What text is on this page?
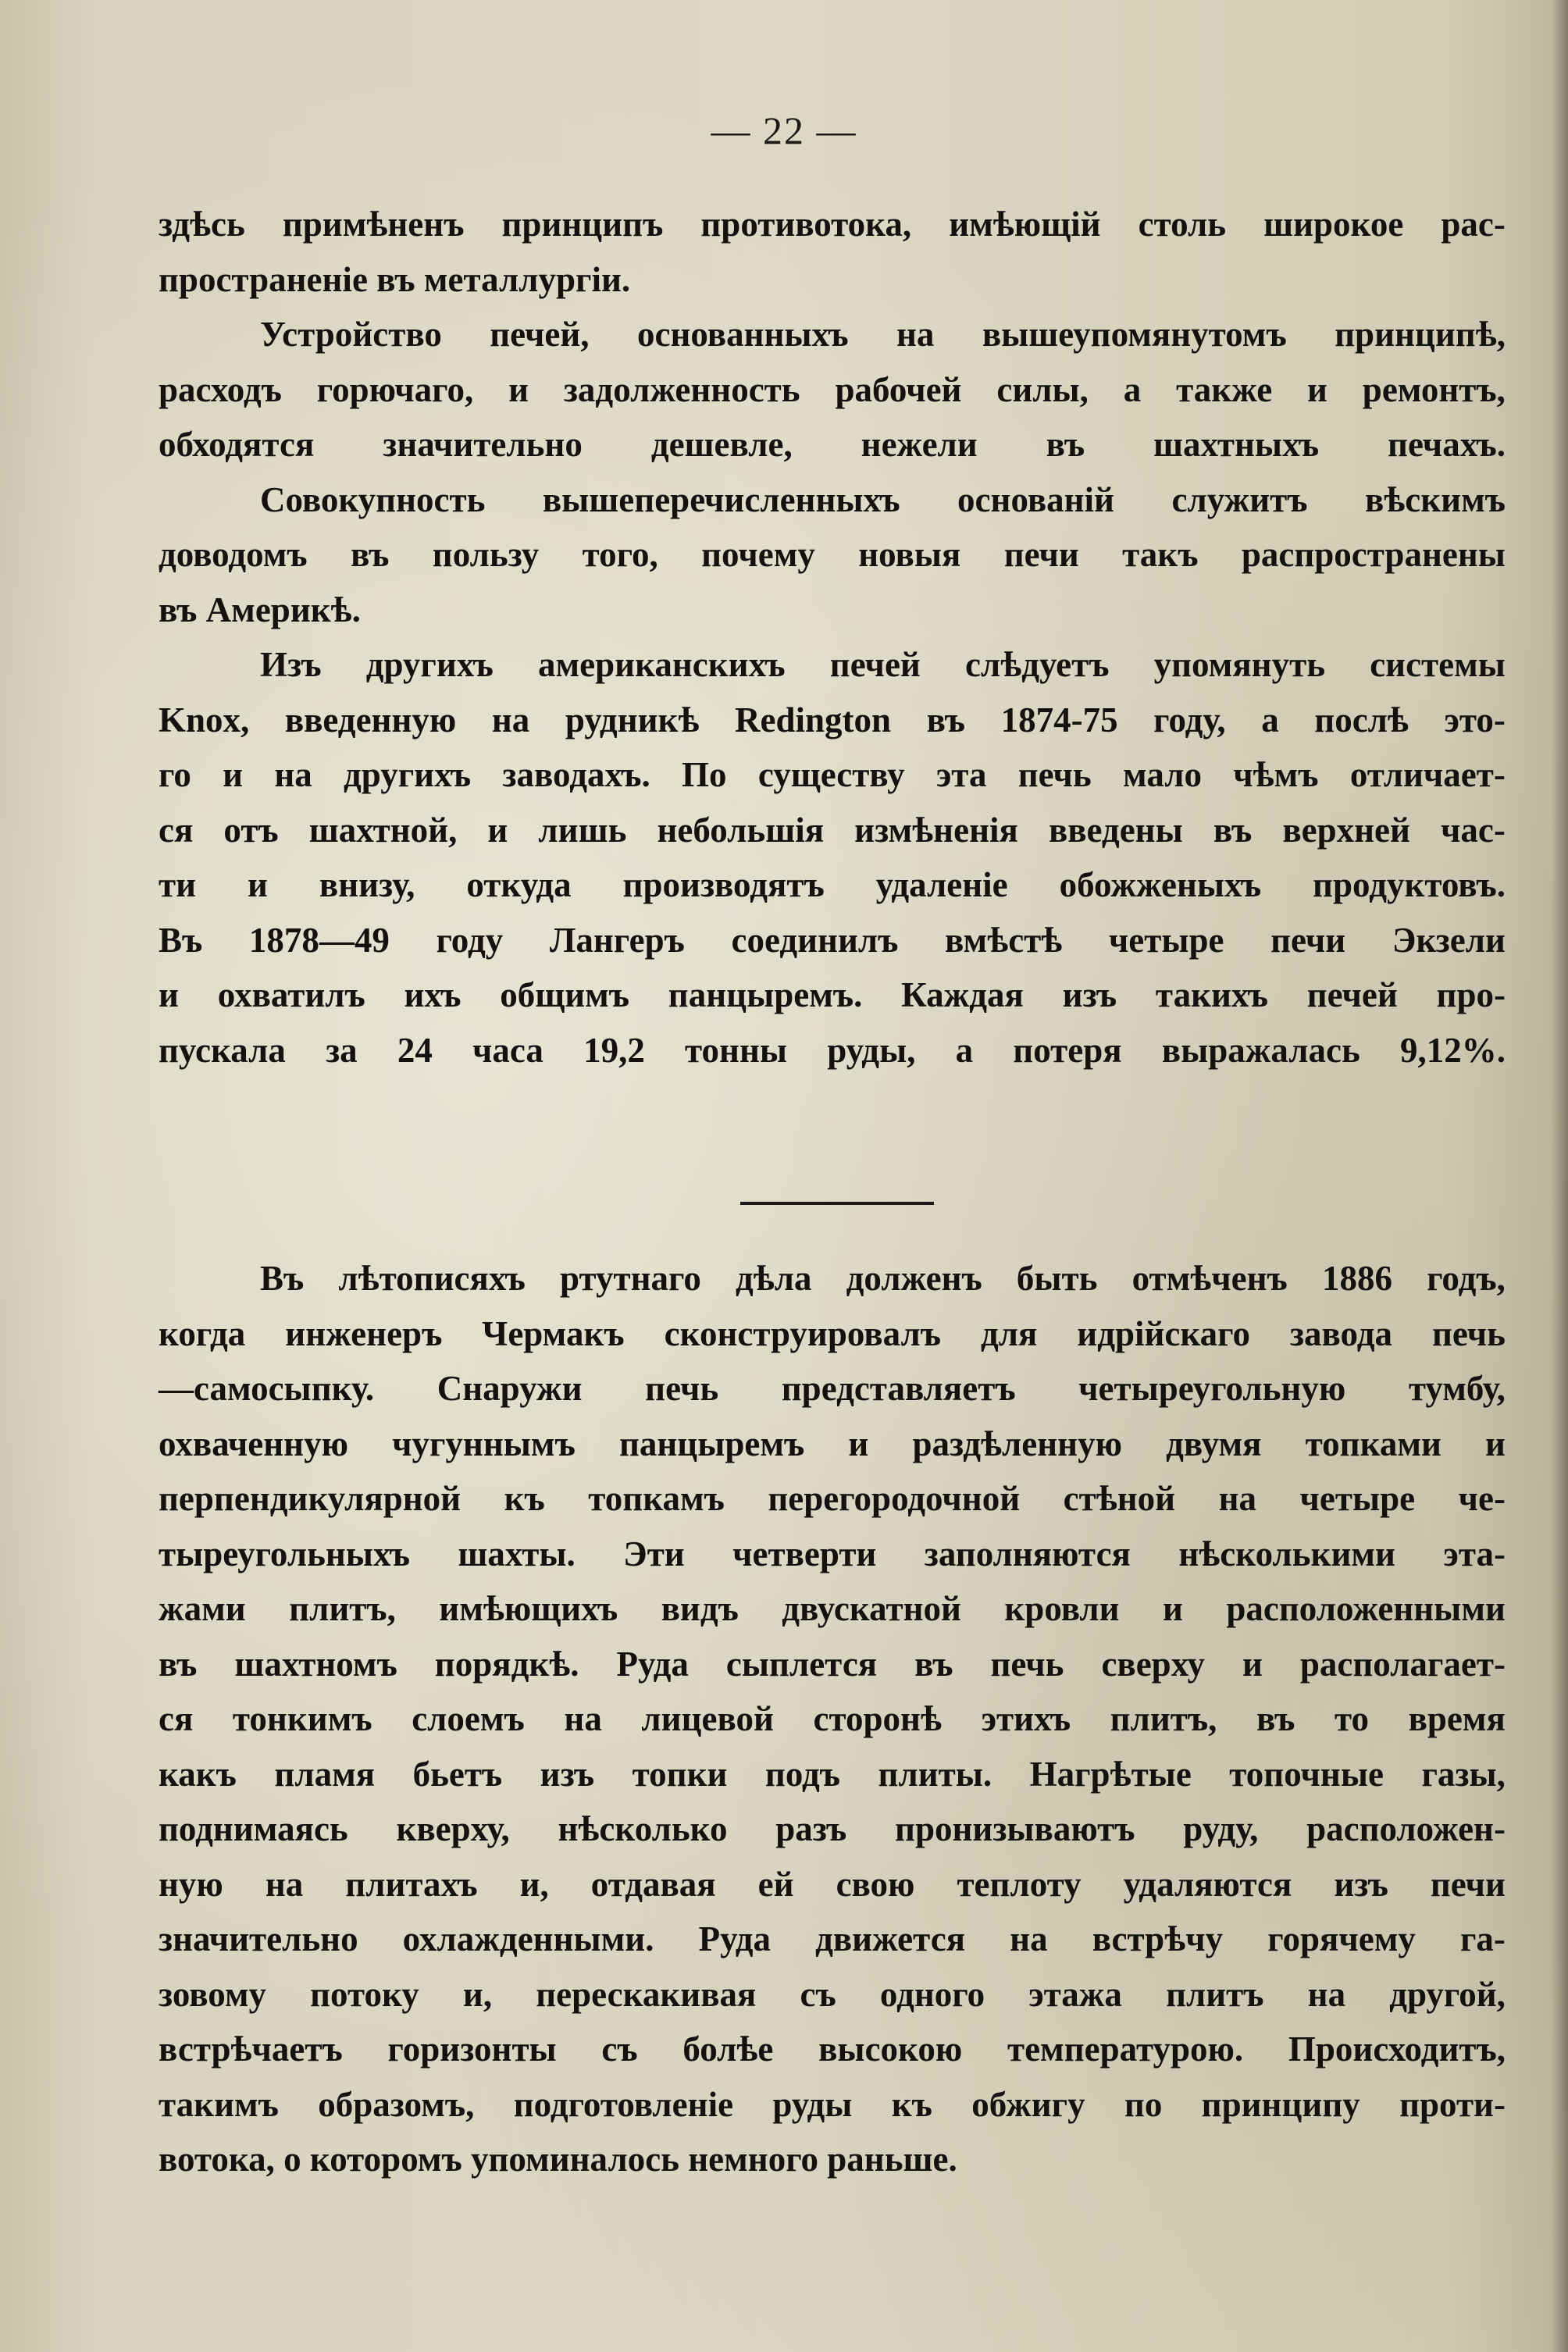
— 22 —
здѣсь примѣненъ принципъ противотока, имѣющій столь широкое рас-
пространеніе въ металлургіи.
Устройство печей, основанныхъ на вышеупомянутомъ принципѣ,
расходъ горючаго, и задолженность рабочей силы, а также и ремонтъ,
обходятся значительно дешевле, нежели въ шахтныхъ печахъ.
Совокупность вышеперечисленныхъ основаній служитъ вѣскимъ
доводомъ въ пользу того, почему новыя печи такъ распространены
въ Америкѣ.
Изъ другихъ американскихъ печей слѣдуетъ упомянуть системы
Knox, введенную на рудникѣ Redington въ 1874-75 году, а послѣ это-
го и на другихъ заводахъ. По существу эта печь мало чѣмъ отличает-
ся отъ шахтной, и лишь небольшія измѣненія введены въ верхней час-
ти и внизу, откуда производятъ удаленіе обожженыхъ продуктовъ.
Въ 1878—49 году Лангеръ соединилъ вмѣстѣ четыре печи Экзели
и охватилъ ихъ общимъ панцыремъ. Каждая изъ такихъ печей про-
пускала за 24 часа 19,2 тонны руды, а потеря выражалась 9,12%.
Въ лѣтописяхъ ртутнаго дѣла долженъ быть отмѣченъ 1886 годъ,
когда инженеръ Чермакъ сконструировалъ для идрійскаго завода печь
—самосыпку. Снаружи печь представляетъ четыреугольную тумбу,
охваченную чугуннымъ панцыремъ и раздѣленную двумя топками и
перпендикулярной къ топкамъ перегородочной стѣной на четыре че-
тыреугольныхъ шахты. Эти четверти заполняются нѣсколькими эта-
жами плитъ, имѣющихъ видъ двускатной кровли и расположенными
въ шахтномъ порядкѣ. Руда сыплется въ печь сверху и располагает-
ся тонкимъ слоемъ на лицевой сторонѣ этихъ плитъ, въ то время
какъ пламя бьетъ изъ топки подъ плиты. Нагрѣтые топочные газы,
поднимаясь кверху, нѣсколько разъ пронизываютъ руду, расположен-
ную на плитахъ и, отдавая ей свою теплоту удаляются изъ печи
значительно охлажденными. Руда движется на встрѣчу горячему га-
зовому потоку и, перескакивая съ одного этажа плитъ на другой,
встрѣчаетъ горизонты съ болѣе высокою температурою. Происходитъ,
такимъ образомъ, подготовленіе руды къ обжигу по принципу проти-
вотока, о которомъ упоминалось немного раньше.
